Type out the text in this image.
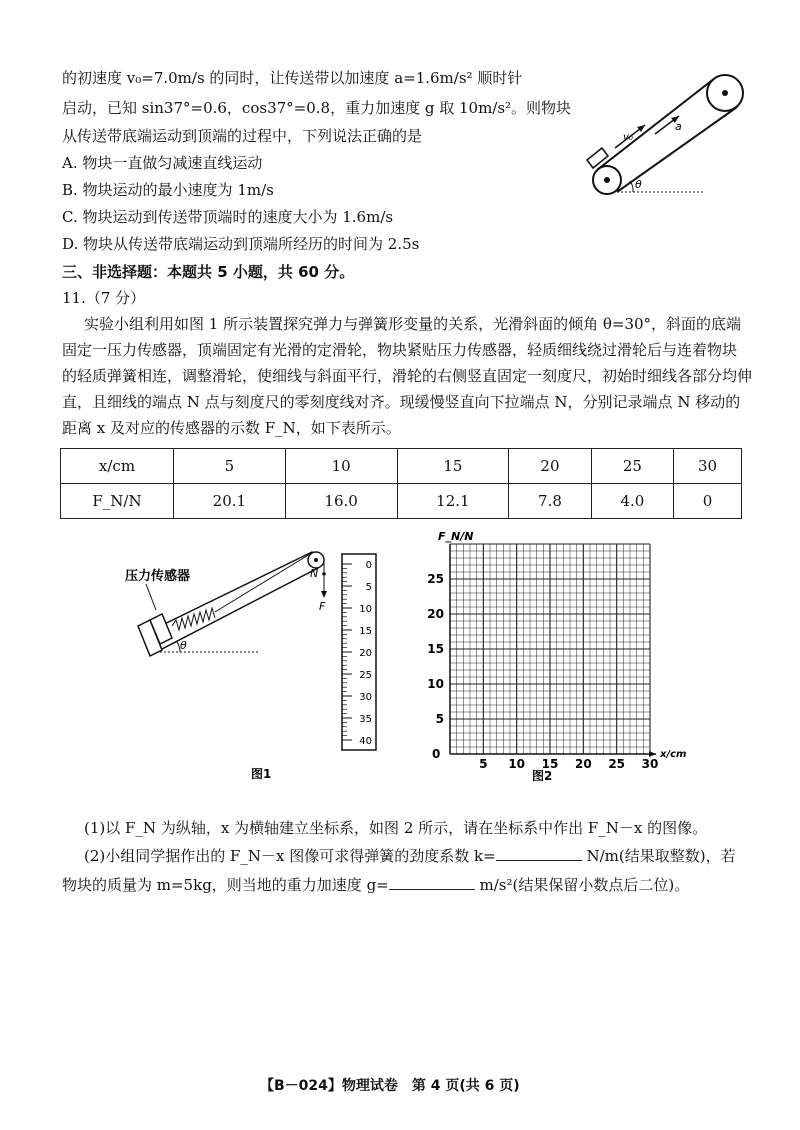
的初速度 v₀=7.0m/s 的同时，让传送带以加速度 a=1.6m/s² 顺时针
启动，已知 sin37°=0.6，cos37°=0.8，重力加速度 g 取 10m/s²。则物块
从传送带底端运动到顶端的过程中，下列说法正确的是
A. 物块一直做匀减速直线运动
B. 物块运动的最小速度为 1m/s
C. 物块运动到传送带顶端时的速度大小为 1.6m/s
D. 物块从传送带底端运动到顶端所经历的时间为 2.5s
v₀
a
θ
三、非选择题：本题共 5 小题，共 60 分。
11.（7 分）
实验小组利用如图 1 所示装置探究弹力与弹簧形变量的关系，光滑斜面的倾角 θ=30°，斜面的底端
固定一压力传感器，顶端固定有光滑的定滑轮，物块紧贴压力传感器，轻质细线绕过滑轮后与连着物块
的轻质弹簧相连，调整滑轮，使细线与斜面平行，滑轮的右侧竖直固定一刻度尺，初始时细线各部分均伸
直，且细线的端点 N 点与刻度尺的零刻度线对齐。现缓慢竖直向下拉端点 N，分别记录端点 N 移动的
距离 x 及对应的传感器的示数 F_N，如下表所示。
x/cm	5	10	15	20	25	30
F_N/N	20.1	16.0	12.1	7.8	4.0	0
压力传感器	N
F
θ
0
5
10
15
20
25
30
35
40
图1
F_N/N
0
5
10
15
20
25
5 10 15 20 25 30
x/cm
图2
(1)以 F_N 为纵轴，x 为横轴建立坐标系，如图 2 所示，请在坐标系中作出 F_N－x 的图像。
(2)小组同学据作出的 F_N－x 图像可求得弹簧的劲度系数 k=	N/m(结果取整数)，若
物块的质量为 m=5kg，则当地的重力加速度 g=	m/s²(结果保留小数点后二位)。
【B－024】物理试卷　第 4 页(共 6 页)
